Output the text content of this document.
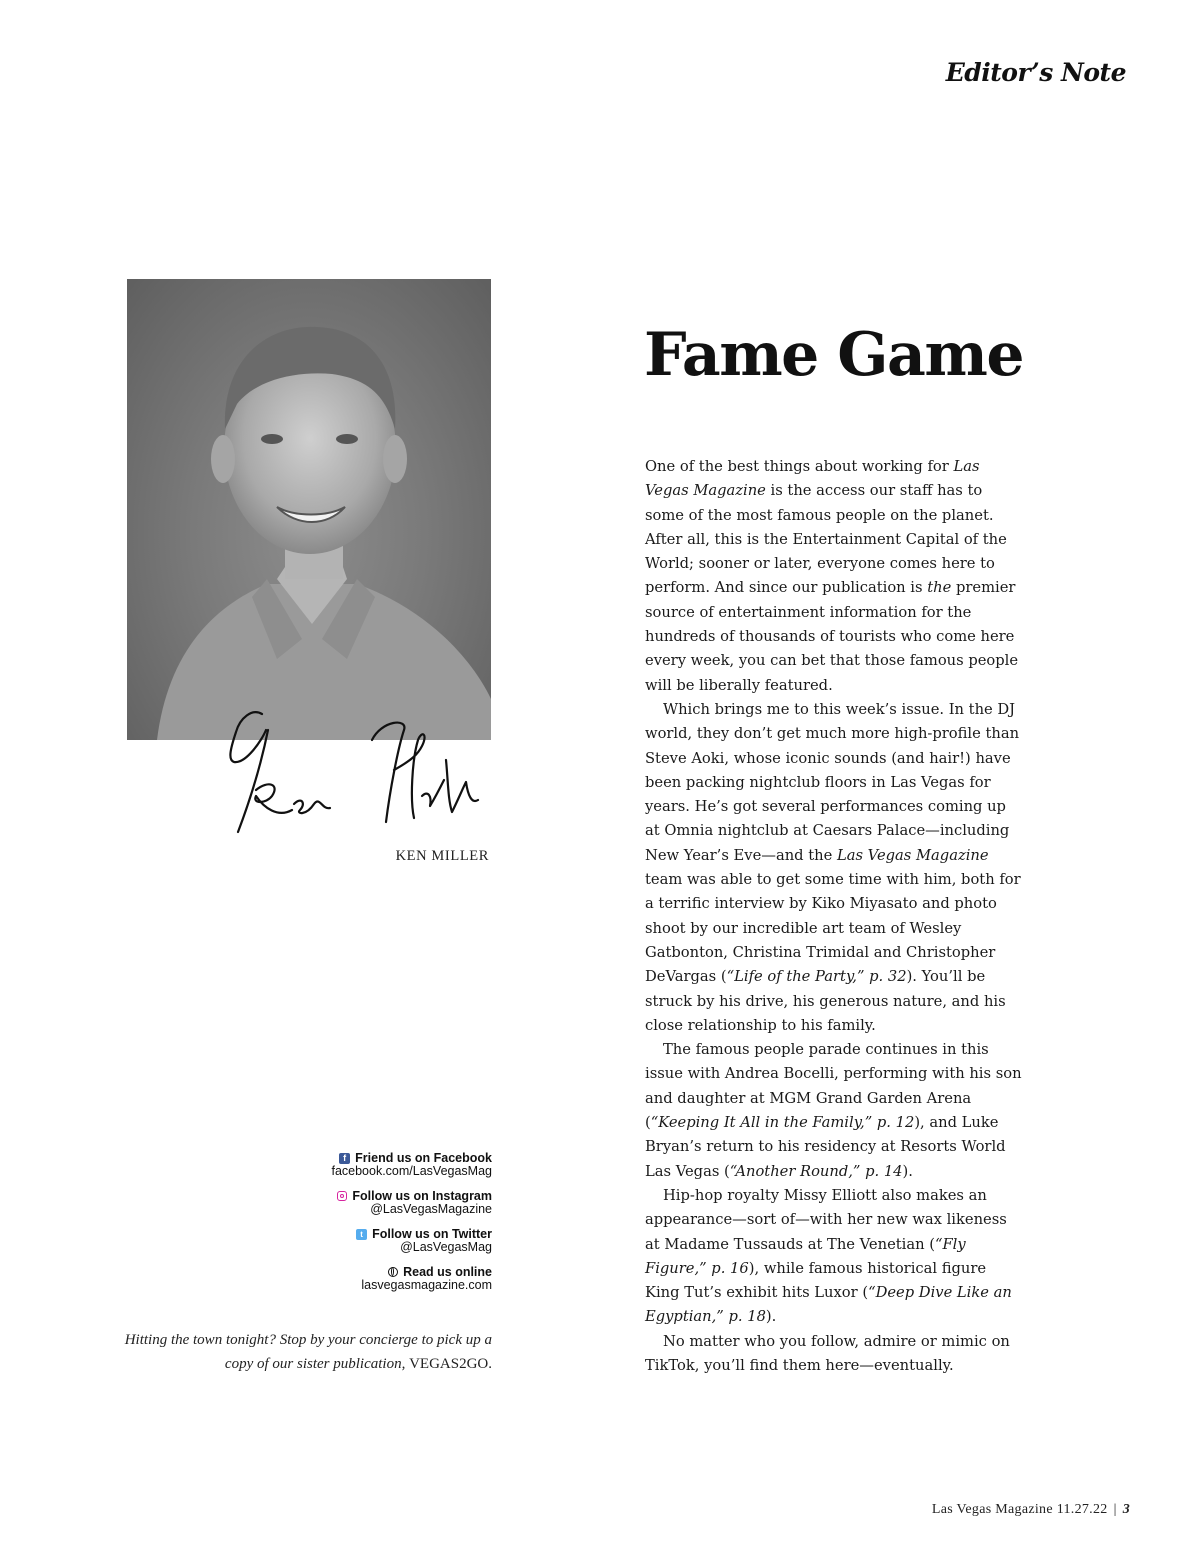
Editor’s Note
KEN MILLER
f Friend us on Facebook
facebook.com/LasVegasMag
Follow us on Instagram
@LasVegasMagazine
t Follow us on Twitter
@LasVegasMag
Read us online
lasvegasmagazine.com
Hitting the town tonight? Stop by your concierge to pick up a copy of our sister publication, VEGAS2GO.
Fame Game

One of the best things about working for Las Vegas Magazine is the access our staff has to some of the most famous people on the planet. After all, this is the Entertainment Capital of the World; sooner or later, everyone comes here to perform. And since our publication is the premier source of entertainment information for the hundreds of thousands of tourists who come here every week, you can bet that those famous people will be liberally featured.

Which brings me to this week’s issue. In the DJ world, they don’t get much more high-profile than Steve Aoki, whose iconic sounds (and hair!) have been packing nightclub floors in Las Vegas for years. He’s got several performances coming up at Omnia nightclub at Caesars Palace—including New Year’s Eve—and the Las Vegas Magazine team was able to get some time with him, both for a terrific interview by Kiko Miyasato and photo shoot by our incredible art team of Wesley Gatbonton, Christina Trimidal and Christopher DeVargas (“Life of the Party,” p. 32). You’ll be struck by his drive, his generous nature, and his close relationship to his family.

The famous people parade continues in this issue with Andrea Bocelli, performing with his son and daughter at MGM Grand Garden Arena (“Keeping It All in the Family,” p. 12), and Luke Bryan’s return to his residency at Resorts World Las Vegas (“Another Round,” p. 14).

Hip-hop royalty Missy Elliott also makes an appearance—sort of—with her new wax likeness at Madame Tussauds at The Venetian (“Fly Figure,” p. 16), while famous historical figure King Tut’s exhibit hits Luxor (“Deep Dive Like an Egyptian,” p. 18).

No matter who you follow, admire or mimic on TikTok, you’ll find them here—eventually.

Las Vegas Magazine 11.27.22 | 3
